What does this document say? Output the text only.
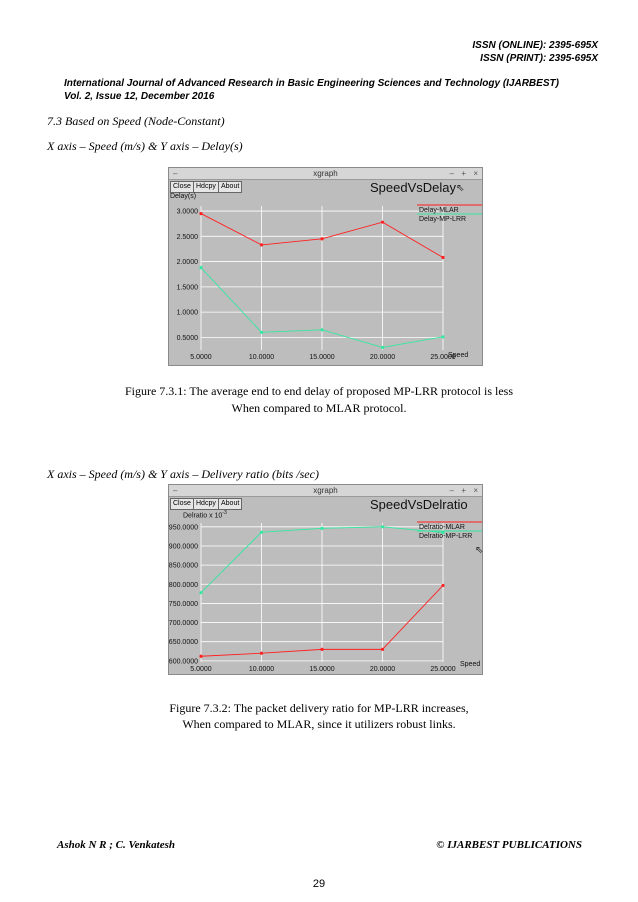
ISSN (ONLINE): 2395-695X
ISSN (PRINT): 2395-695X
International Journal of Advanced Research in Basic Engineering Sciences and Technology (IJARBEST)
Vol. 2, Issue 12, December 2016
7.3 Based on Speed (Node-Constant)
X axis – Speed (m/s) & Y axis – Delay(s)
–	xgraph	– + ×
Close Hdcpy About
Delay(s)
SpeedVsDelay ⇖
Speed
0.5000
1.0000
1.5000
2.0000
2.5000
3.0000
5.0000	10.0000	15.0000	20.0000	25.0000
Delay-MLAR
Delay-MP-LRR
Figure 7.3.1: The average end to end delay of proposed MP-LRR protocol is less
When compared to MLAR protocol.
X axis – Speed (m/s) & Y axis – Delivery ratio (bits /sec)
–	xgraph	– + ×
Close Hdcpy About
Delratio x $10^{-3}$
SpeedVsDelratio
⇖
Speed
600.0000
650.0000
700.0000
750.0000
800.0000
850.0000
900.0000
950.0000
5.0000	10.0000	15.0000	20.0000	25.0000
Delratio-MLAR
Delratio-MP-LRR
Figure 7.3.2: The packet delivery ratio for MP-LRR increases,
When compared to MLAR, since it utilizers robust links.
Ashok N R ; C. Venkatesh	© IJARBEST PUBLICATIONS
29
